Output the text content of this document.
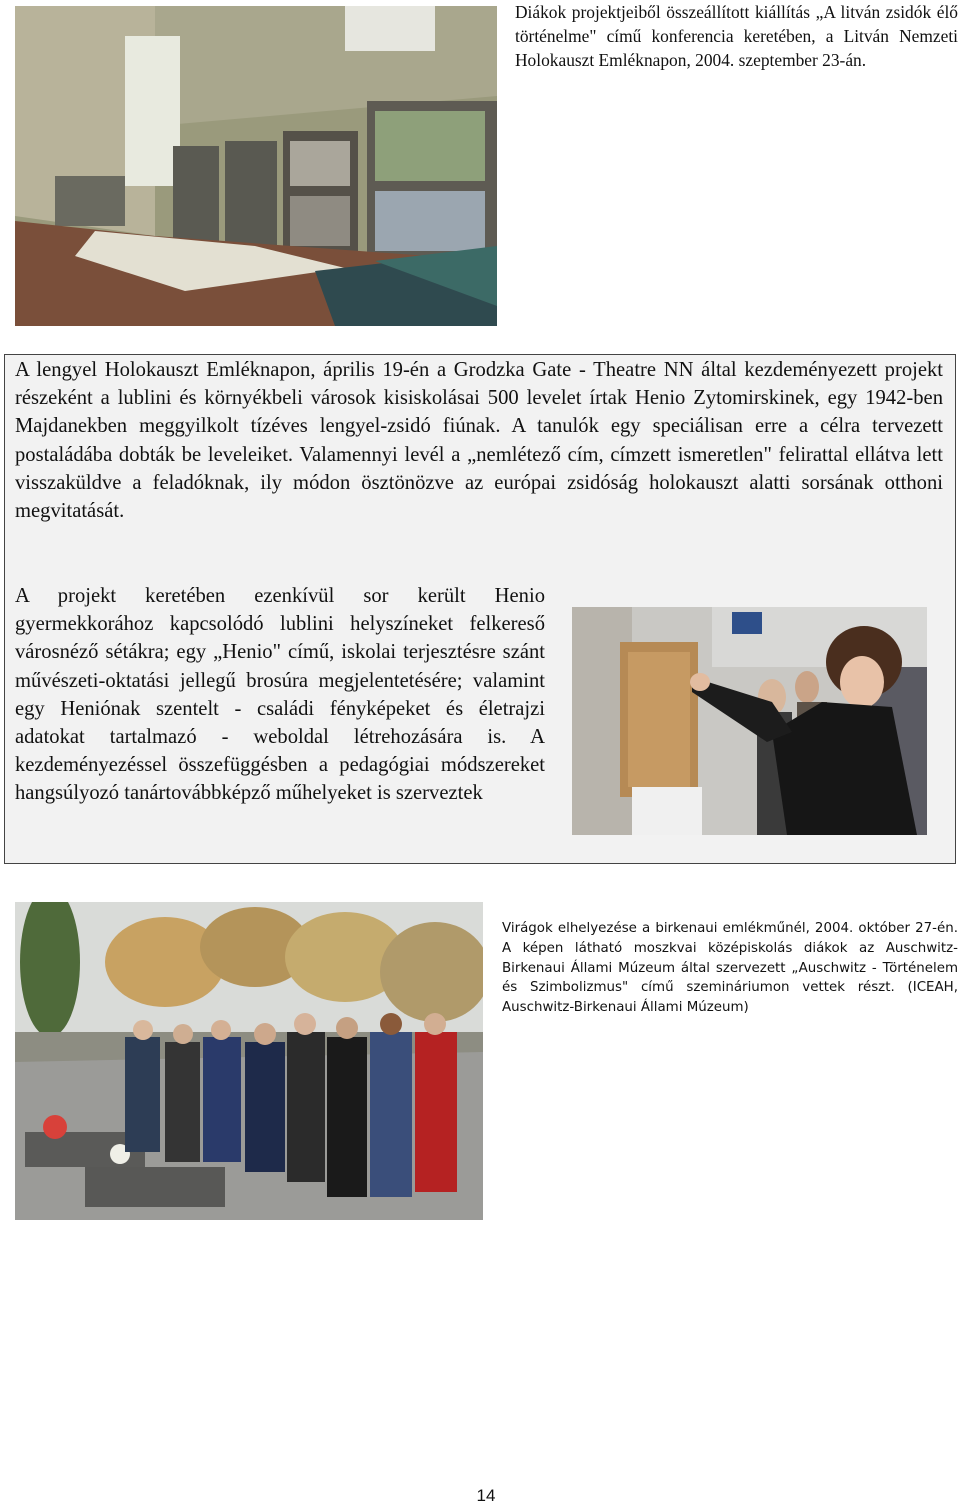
Diákok projektjeiből összeállított kiállítás „A litván zsidók élő történelme" című konferencia keretében, a Litván Nemzeti Holokauszt Emléknapon, 2004. szeptember 23-án.
A lengyel Holokauszt Emléknapon, április 19-én a Grodzka Gate - Theatre NN által kezdeményezett projekt részeként a lublini és környékbeli városok kisiskolásai 500 levelet írtak Henio Zytomirskinek, egy 1942-ben Majdanekben meggyilkolt tízéves lengyel-zsidó fiúnak. A tanulók egy speciálisan erre a célra tervezett postaládába dobták be leveleiket. Valamennyi levél a „nemlétező cím, címzett ismeretlen" felirattal ellátva lett visszaküldve a feladóknak, ily módon ösztönözve az európai zsidóság holokauszt alatti sorsának otthoni megvitatását.
A projekt keretében ezenkívül sor került Henio gyermekkorához kapcsolódó lublini helyszíneket felkereső városnéző sétákra; egy „Henio" című, iskolai terjesztésre szánt művészeti-oktatási jellegű brosúra megjelentetésére; valamint egy Heniónak szentelt - családi fényképeket és életrajzi adatokat tartalmazó - weboldal létrehozására is. A kezdeményezéssel összefüggésben a pedagógiai módszereket hangsúlyozó tanártovábbképző műhelyeket is szerveztek
Virágok elhelyezése a birkenaui emlékműnél, 2004. október 27-én. A képen látható moszkvai középiskolás diákok az Auschwitz-Birkenaui Állami Múzeum által szervezett „Auschwitz - Történelem és Szimbolizmus" című szemináriumon vettek részt. (ICEAH, Auschwitz-Birkenaui Állami Múzeum)
14
